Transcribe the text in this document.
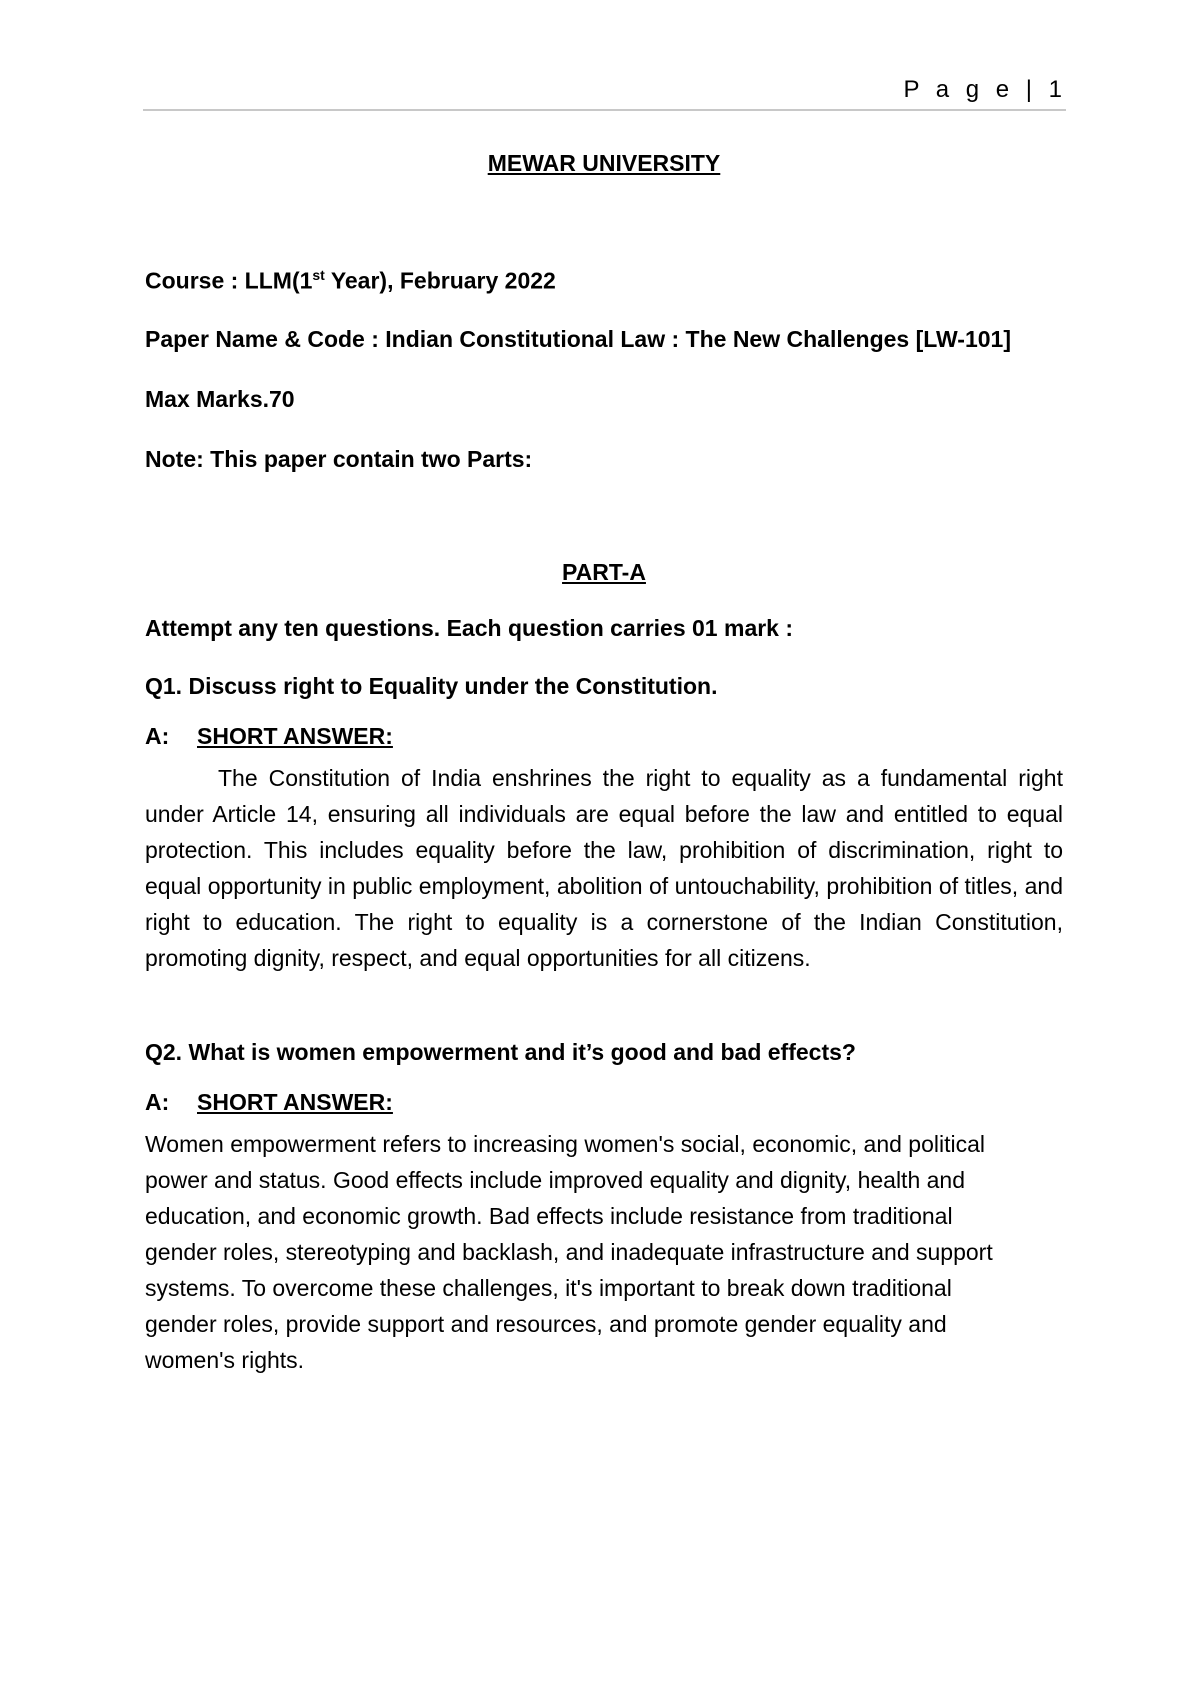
P a g e | 1

MEWAR UNIVERSITY

Course : LLM(1st Year), February 2022

Paper Name & Code : Indian Constitutional Law : The New Challenges [LW-101]

Max Marks.70

Note: This paper contain two Parts:

PART-A

Attempt any ten questions. Each question carries 01 mark :

Q1. Discuss right to Equality under the Constitution.

A: SHORT ANSWER:

The Constitution of India enshrines the right to equality as a fundamental right under Article 14, ensuring all individuals are equal before the law and entitled to equal protection. This includes equality before the law, prohibition of discrimination, right to equal opportunity in public employment, abolition of untouchability, prohibition of titles, and right to education. The right to equality is a cornerstone of the Indian Constitution, promoting dignity, respect, and equal opportunities for all citizens.

Q2. What is women empowerment and it’s good and bad effects?

A: SHORT ANSWER:

Women empowerment refers to increasing women's social, economic, and political power and status. Good effects include improved equality and dignity, health and education, and economic growth. Bad effects include resistance from traditional gender roles, stereotyping and backlash, and inadequate infrastructure and support systems. To overcome these challenges, it's important to break down traditional gender roles, provide support and resources, and promote gender equality and women's rights.
